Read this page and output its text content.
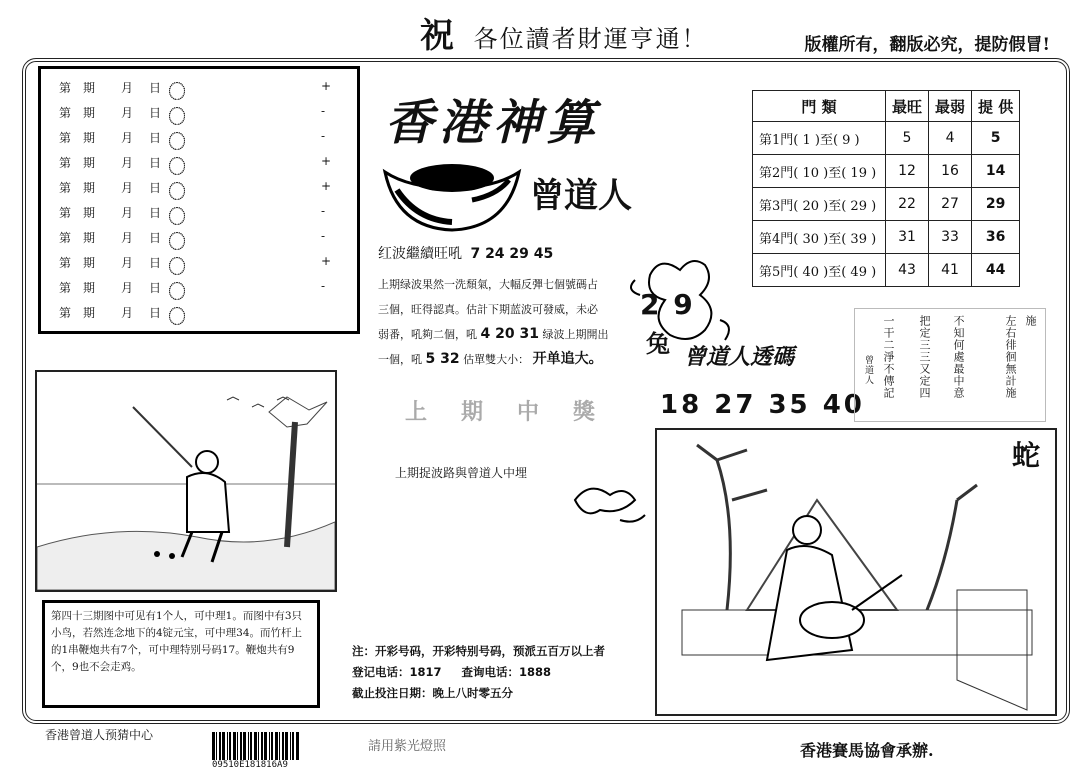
祝 各位讀者財運亨通！	版權所有，翻版必究，提防假冒!
第　期 月 日	+
第　期 月 日	-
第　期 月 日	-
第　期 月 日	+
第　期 月 日	+
第　期 月 日	-
第　期 月 日	-
第　期 月 日	+
第　期 月 日	-
第　期 月 日
香港神算
曾道人
红波繼續旺吼 7 24 29 45
上期绿波果然一洗頹氣，大幅反彈七個號碼占
三個，旺得認真。估計下期蓝波可發威，未必
弱番，吼夠二個，吼 4 20 31 绿波上期開出
一個，吼 5 32 估單雙大小： 开单追大。
門 類	最旺	最弱	提 供
第1門( 1 )至( 9 )	5	4	5
第2門( 10 )至( 19 )	12	16	14
第3門( 20 )至( 29 )	22	27	29
第4門( 30 )至( 39 )	31	33	36
第5門( 40 )至( 49 )	43	41	44
2 9
兔 曾道人透碼
18 27 35 40
上期中獎
上期捉波路與曾道人中埋
施
左右徘徊無計施
不知何處最中意
把定三三又定四
一干二淨不傳記
曾道人
蛇
第四十三期图中可见有1个人，可中理1。而图中有3只小鸟，若然连念地下的4锭元宝，可中理34。而竹杆上的1串鞭炮共有7个，可中理特别号码17。鞭炮共有9个，9也不会走鸡。
注：开彩号码，开彩特别号码，预派五百万以上者
登记电话：1817 查询电话：1888
截止投注日期：晚上八时零五分
香港曾道人预猜中心
09510E181816A9
請用紫光燈照	香港賽馬協會承辦.
